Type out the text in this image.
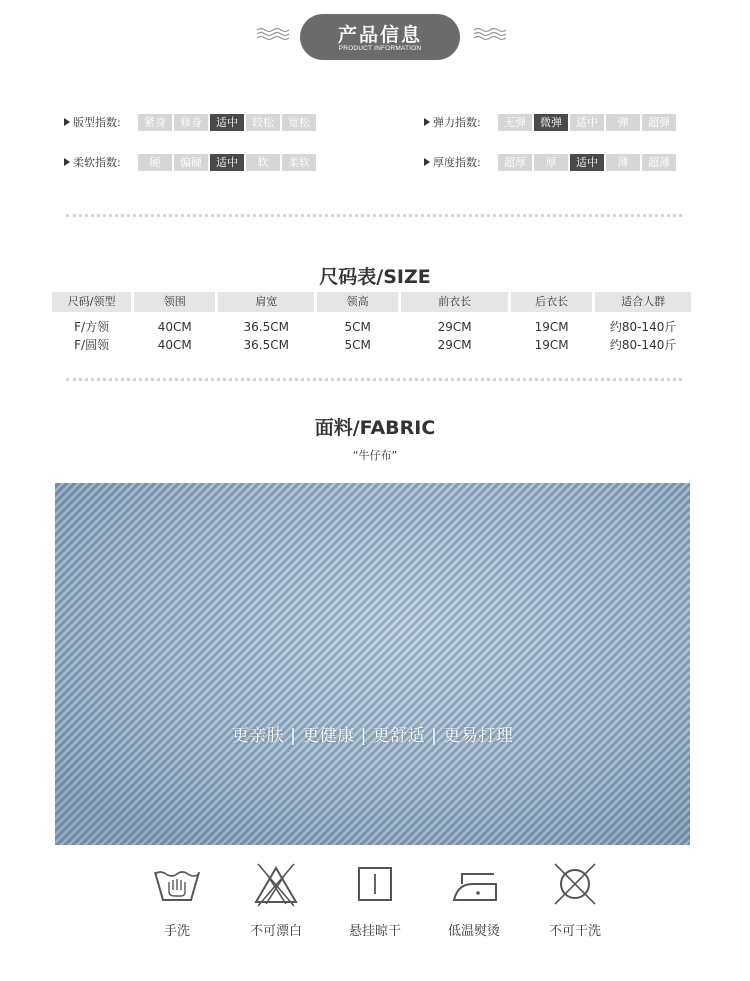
产品信息
PRODUCT INFORMATION
版型指数:	紧身	修身	适中	较松	宽松	弹力指数:	无弹	微弹	适中	弹	超弹
柔软指数:	硬	偏硬	适中	软	柔软	厚度指数:	超厚	厚	适中	薄	超薄
尺码表/SIZE
尺码/领型	领围	肩宽	领高	前衣长	后衣长	适合人群
F/方领	40CM	36.5CM	5CM	29CM	19CM	约80-140斤
F/圆领	40CM	36.5CM	5CM	29CM	19CM	约80-140斤
面料/FABRIC
“牛仔布”
更亲肤 | 更健康 | 更舒适 | 更易打理
手洗	不可漂白	悬挂晾干	低温熨烫	不可干洗
